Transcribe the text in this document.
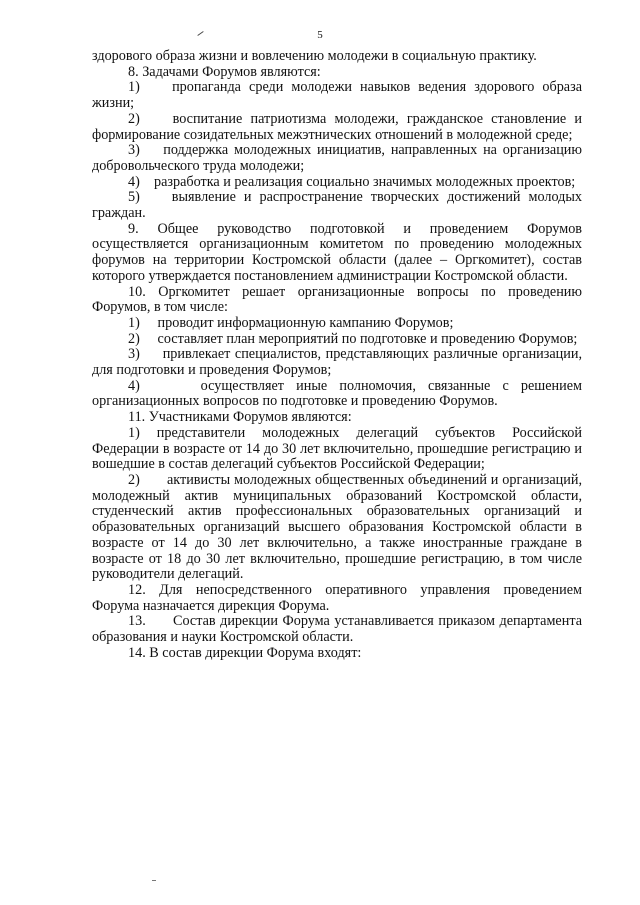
5

здорового образа жизни и вовлечению молодежи в социальную практику.

8. Задачами Форумов являются:

1)    пропаганда среди молодежи навыков ведения здорового образа жизни;

2)    воспитание патриотизма молодежи, гражданское становление и формирование созидательных межэтнических отношений в молодежной среде;

3)    поддержка молодежных инициатив, направленных на организацию добровольческого труда молодежи;

4)    разработка и реализация социально значимых молодежных проектов;

5)    выявление и распространение творческих достижений молодых граждан.

9. Общее руководство подготовкой и проведением Форумов осуществляется организационным комитетом по проведению молодежных форумов на территории Костромской области (далее – Оргкомитет), состав которого утверждается постановлением администрации Костромской области.

10. Оргкомитет решает организационные вопросы по проведению Форумов, в том числе:

1)     проводит информационную кампанию Форумов;

2)     составляет план мероприятий по подготовке и проведению Форумов;

3)     привлекает специалистов, представляющих различные организации, для подготовки и проведения Форумов;

4)     осуществляет иные полномочия, связанные с решением организационных вопросов по подготовке и проведению Форумов.

11. Участниками Форумов являются:

1) представители молодежных делегаций субъектов Российской Федерации в возрасте от 14 до 30 лет включительно, прошедшие регистрацию и вошедшие в состав делегаций субъектов Российской Федерации;

2)       активисты молодежных общественных объединений и организаций, молодежный актив муниципальных образований Костромской области, студенческий актив профессиональных образовательных организаций и образовательных организаций высшего образования Костромской области в возрасте от 14 до 30 лет включительно, а также иностранные граждане в возрасте от 18 до 30 лет включительно, прошедшие регистрацию, в том числе руководители делегаций.

12. Для непосредственного оперативного управления проведением Форума назначается дирекция Форума.

13.      Состав дирекции Форума устанавливается приказом департамента образования и науки Костромской области.

14. В состав дирекции Форума входят:
